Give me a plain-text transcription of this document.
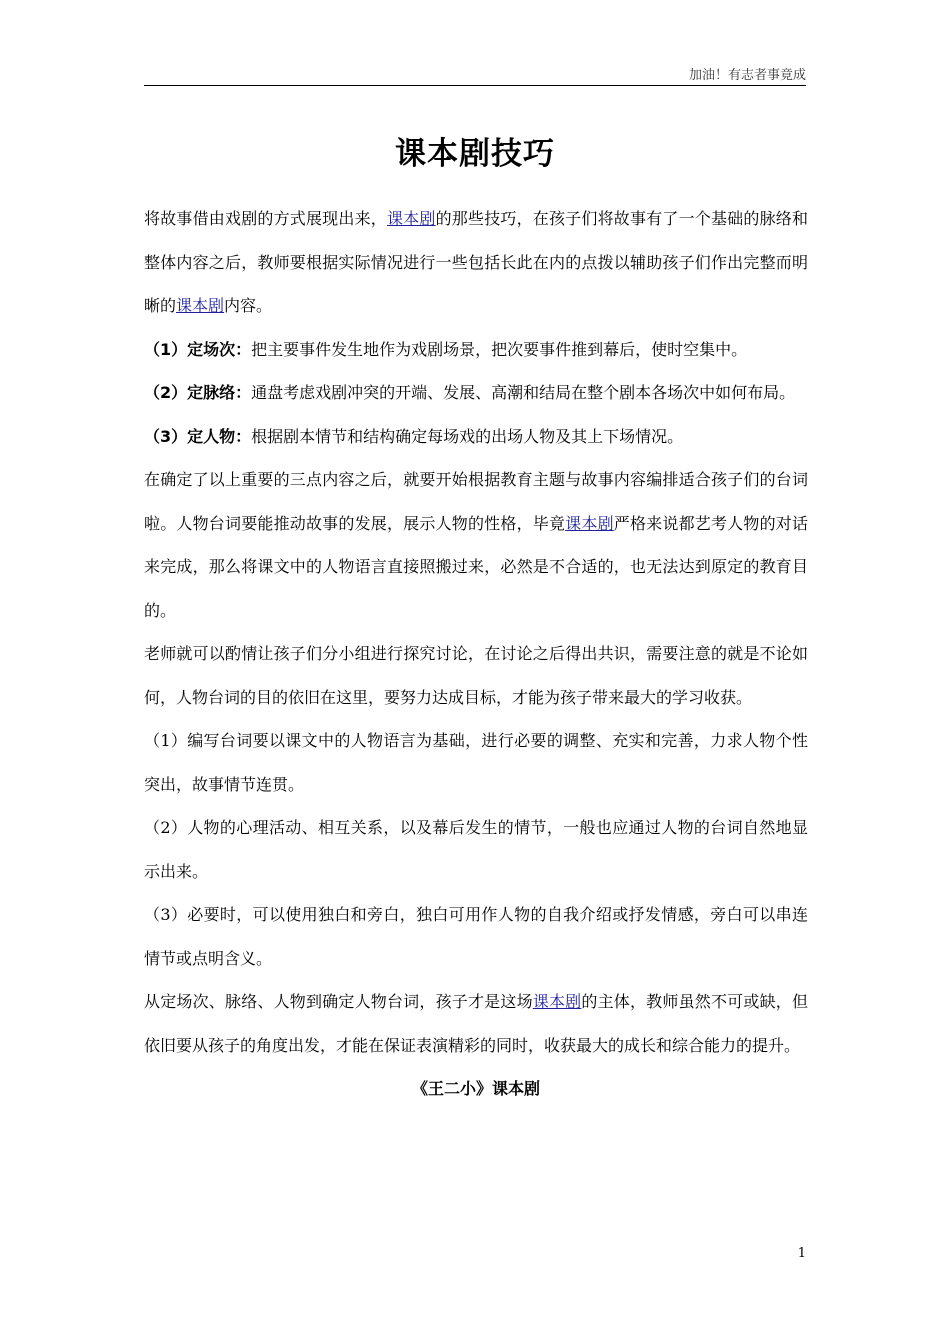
加油！有志者事竟成
课本剧技巧

将故事借由戏剧的方式展现出来，课本剧的那些技巧，在孩子们将故事有了一个基础的脉络和整体内容之后，教师要根据实际情况进行一些包括长此在内的点拨以辅助孩子们作出完整而明晰的课本剧内容。

（1）定场次：把主要事件发生地作为戏剧场景，把次要事件推到幕后，使时空集中。

（2）定脉络：通盘考虑戏剧冲突的开端、发展、高潮和结局在整个剧本各场次中如何布局。

（3）定人物：根据剧本情节和结构确定每场戏的出场人物及其上下场情况。

在确定了以上重要的三点内容之后，就要开始根据教育主题与故事内容编排适合孩子们的台词啦。人物台词要能推动故事的发展，展示人物的性格，毕竟课本剧严格来说都艺考人物的对话来完成，那么将课文中的人物语言直接照搬过来，必然是不合适的，也无法达到原定的教育目的。

老师就可以酌情让孩子们分小组进行探究讨论，在讨论之后得出共识，需要注意的就是不论如何，人物台词的目的依旧在这里，要努力达成目标，才能为孩子带来最大的学习收获。

（1）编写台词要以课文中的人物语言为基础，进行必要的调整、充实和完善，力求人物个性突出，故事情节连贯。

（2）人物的心理活动、相互关系，以及幕后发生的情节，一般也应通过人物的台词自然地显示出来。

（3）必要时，可以使用独白和旁白，独白可用作人物的自我介绍或抒发情感，旁白可以串连情节或点明含义。

从定场次、脉络、人物到确定人物台词，孩子才是这场课本剧的主体，教师虽然不可或缺，但依旧要从孩子的角度出发，才能在保证表演精彩的同时，收获最大的成长和综合能力的提升。

《王二小》课本剧

1
